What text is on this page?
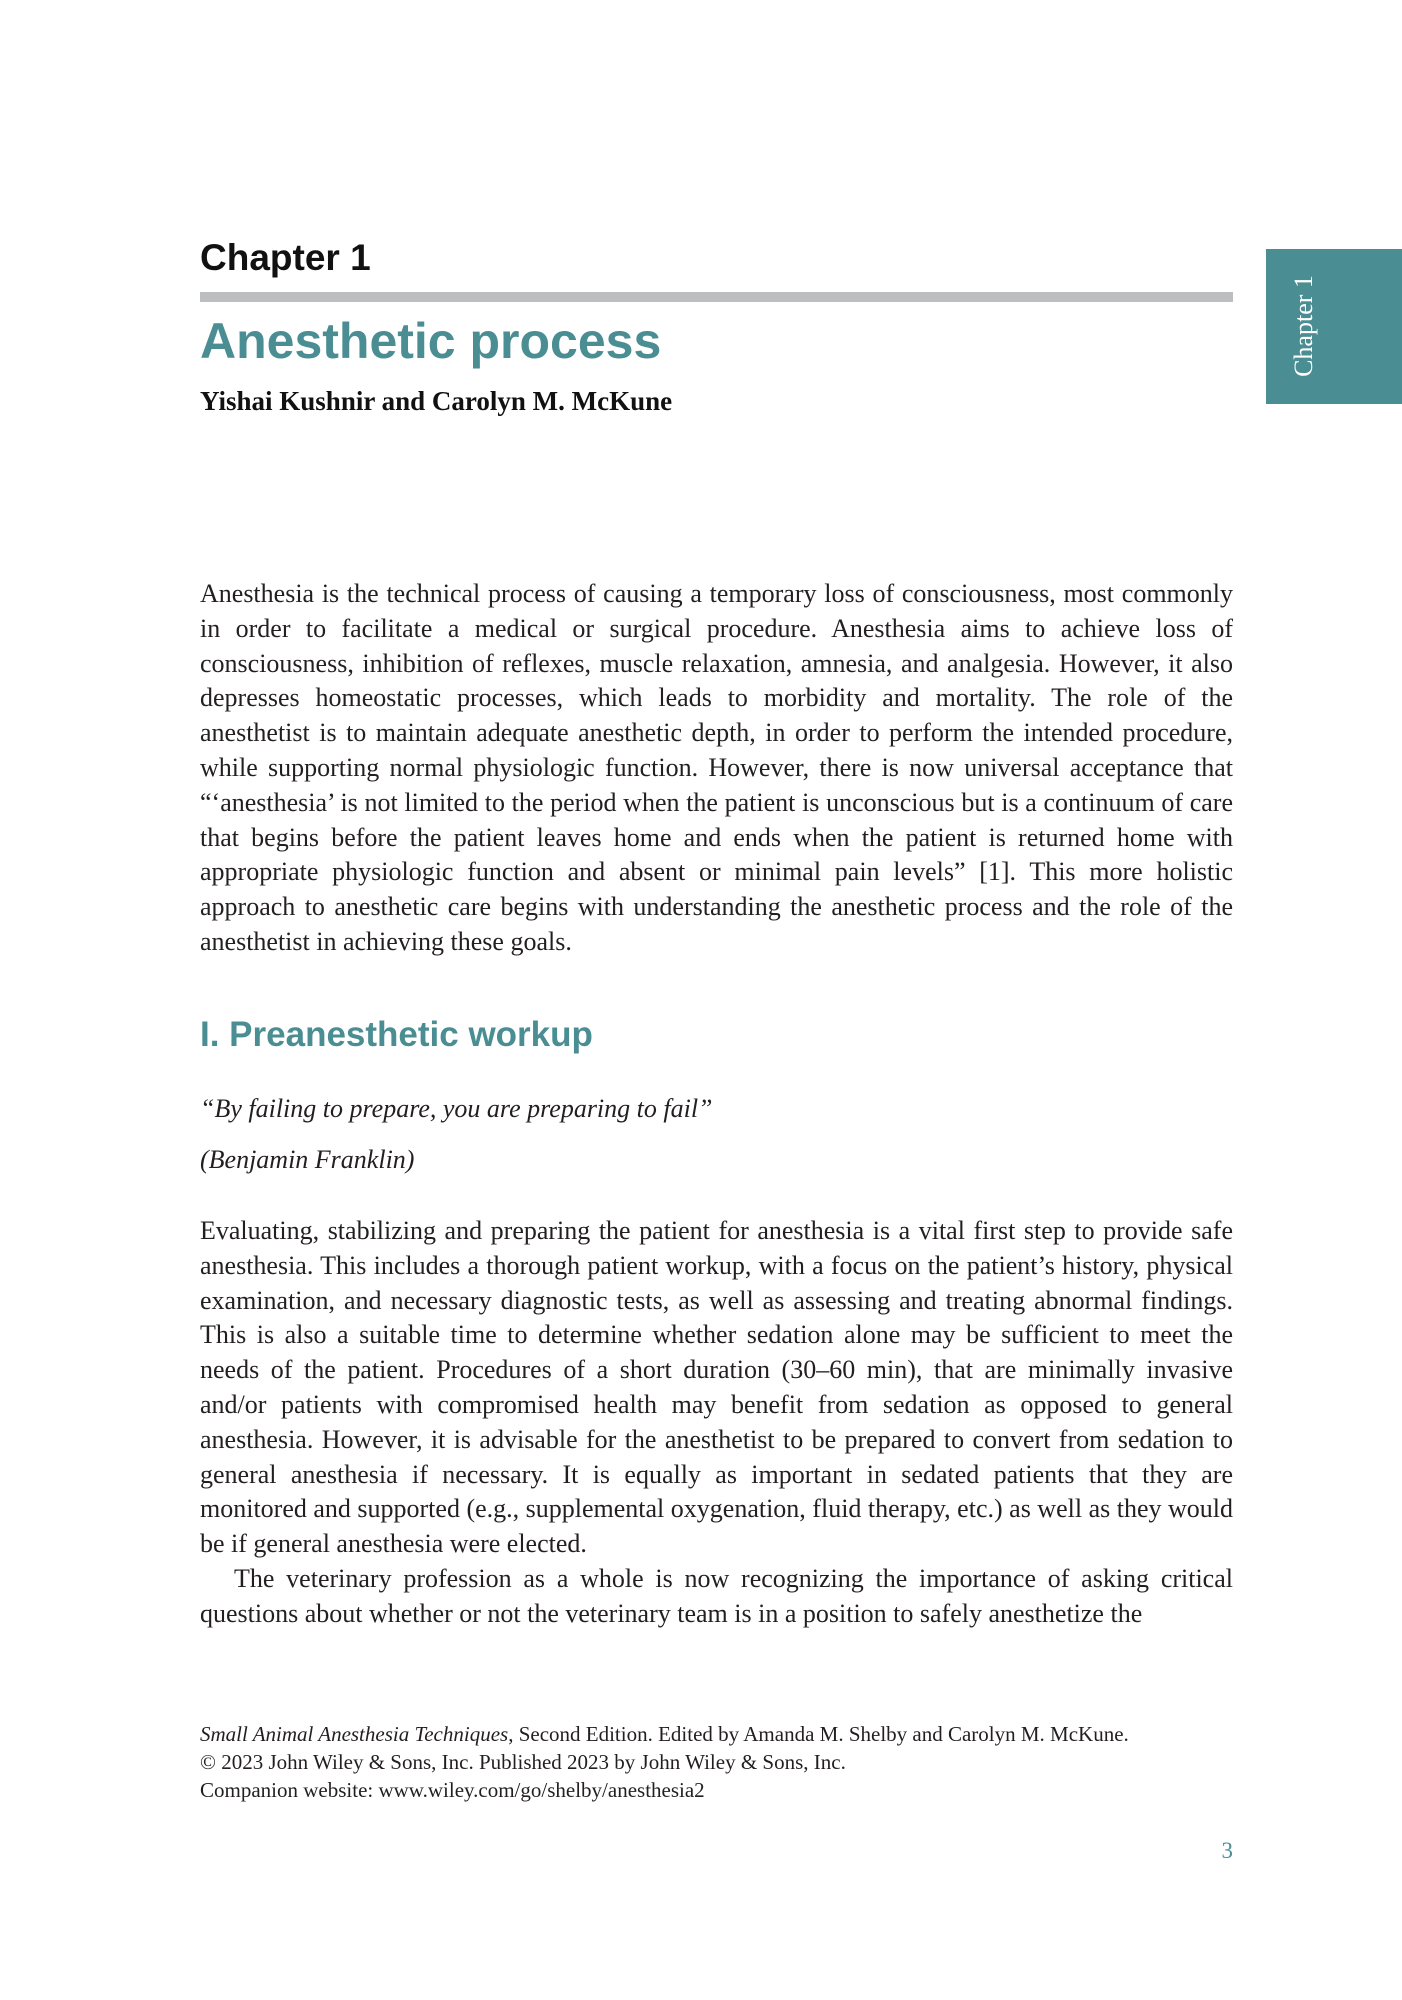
Chapter 1
Anesthetic process

Yishai Kushnir and Carolyn M. McKune

Chapter 1

Anesthesia is the technical process of causing a temporary loss of consciousness, most commonly in order to facilitate a medical or surgical procedure. Anesthesia aims to achieve loss of consciousness, inhibition of reflexes, muscle relaxation, amnesia, and analgesia. However, it also depresses homeostatic processes, which leads to morbidity and mortality. The role of the anesthetist is to maintain adequate anesthetic depth, in order to perform the intended procedure, while supporting normal physiologic function. However, there is now universal acceptance that “‘anesthesia’ is not limited to the period when the patient is unconscious but is a continuum of care that begins before the patient leaves home and ends when the patient is returned home with appropriate physiologic function and absent or minimal pain levels” [1]. This more holistic approach to anesthetic care begins with understanding the anesthetic process and the role of the anesthetist in achieving these goals.

I. Preanesthetic workup

“By failing to prepare, you are preparing to fail”

(Benjamin Franklin)

Evaluating, stabilizing and preparing the patient for anesthesia is a vital first step to provide safe anesthesia. This includes a thorough patient workup, with a focus on the patient’s history, physical examination, and necessary diagnostic tests, as well as assessing and treating abnormal findings. This is also a suitable time to determine whether sedation alone may be sufficient to meet the needs of the patient. Procedures of a short duration (30–60 min), that are minimally invasive and/or patients with compromised health may benefit from sedation as opposed to general anesthesia. However, it is advisable for the anesthetist to be prepared to convert from sedation to general anesthesia if necessary. It is equally as important in sedated patients that they are monitored and supported (e.g., supplemental oxygenation, fluid therapy, etc.) as well as they would be if general anesthesia were elected.
The veterinary profession as a whole is now recognizing the importance of asking critical questions about whether or not the veterinary team is in a position to safely anesthetize the
Small Animal Anesthesia Techniques, Second Edition. Edited by Amanda M. Shelby and Carolyn M. McKune.
© 2023 John Wiley & Sons, Inc. Published 2023 by John Wiley & Sons, Inc.
Companion website: www.wiley.com/go/shelby/anesthesia2
3
